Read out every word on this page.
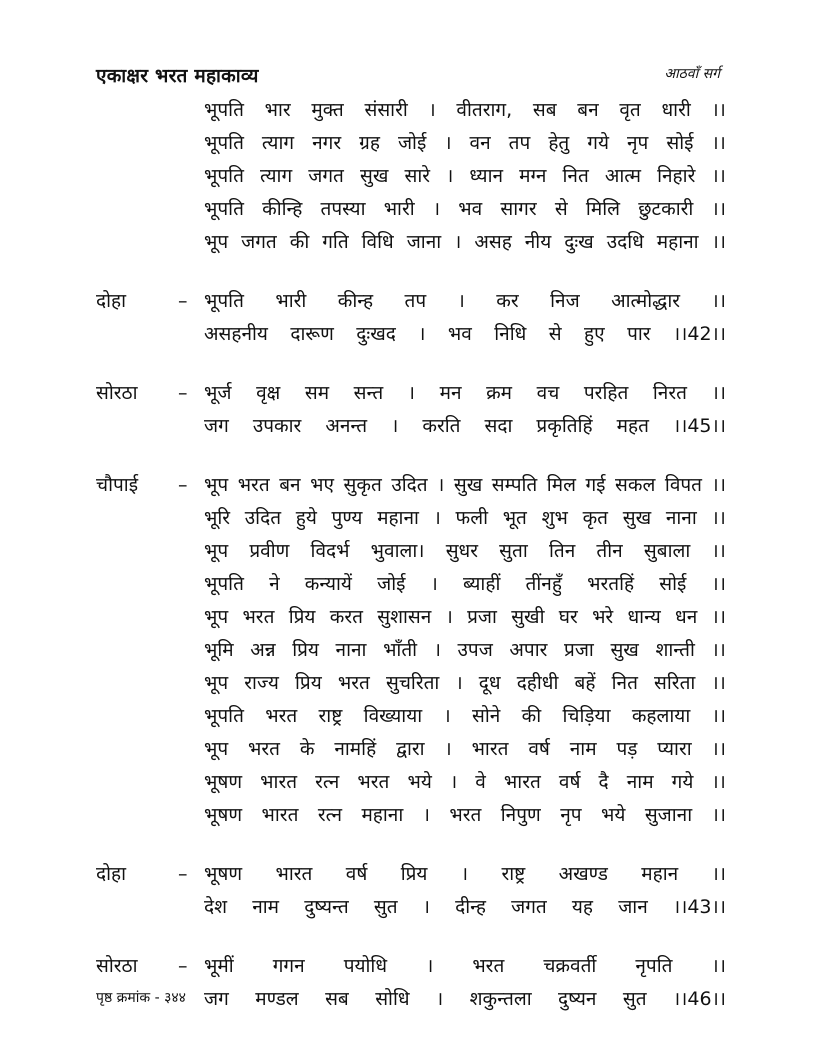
एकाक्षर भरत महाकाव्य	आठवाँ सर्ग
भूपति भार मुक्त संसारी । वीतराग, सब बन वृत धारी ।।
भूपति त्याग नगर ग्रह जोई । वन तप हेतु गये नृप सोई ।।
भूपति त्याग जगत सुख सारे । ध्यान मग्न नित आत्म निहारे ।।
भूपति कीन्हि तपस्या भारी । भव सागर से मिलि छुटकारी ।।
भूप जगत की गति विधि जाना । असह नीय दुःख उदधि महाना ।।
दोहा	– भूपति भारी कीन्ह तप । कर निज आत्मोद्धार ।।
असहनीय दारूण दुःखद । भव निधि से हुए पार ।।42।।
सोरठा	– भूर्ज वृक्ष सम सन्त । मन क्रम वच परहित निरत ।।
जग उपकार अनन्त । करति सदा प्रकृतिहिं महत ।।45।।
चौपाई	– भूप भरत बन भए सुकृत उदित । सुख सम्पति मिल गई सकल विपत ।।
भूरि उदित हुये पुण्य महाना । फली भूत शुभ कृत सुख नाना ।।
भूप प्रवीण विदर्भ भुवाला। सुधर सुता तिन तीन सुबाला ।।
भूपति ने कन्यायें जोई । ब्याहीं तींनहुँ भरतहिं सोई ।।
भूप भरत प्रिय करत सुशासन । प्रजा सुखी घर भरे धान्य धन ।।
भूमि अन्न प्रिय नाना भाँती । उपज अपार प्रजा सुख शान्ती ।।
भूप राज्य प्रिय भरत सुचरिता । दूध दहीधी बहें नित सरिता ।।
भूपति भरत राष्ट्र विख्याया । सोने की चिड़िया कहलाया ।।
भूप भरत के नामहिं द्वारा । भारत वर्ष नाम पड़ प्यारा ।।
भूषण भारत रत्न भरत भये । वे भारत वर्ष दै नाम गये ।।
भूषण भारत रत्न महाना । भरत निपुण नृप भये सुजाना ।।
दोहा	– भूषण भारत वर्ष प्रिय । राष्ट्र अखण्ड महान ।।
देश नाम दुष्यन्त सुत । दीन्ह जगत यह जान ।।43।।
सोरठा	– भूमीं गगन पयोधि । भरत चक्रवर्ती नृपति ।।
जग मण्डल सब सोधि । शकुन्तला दुष्यन सुत ।।46।।
पृष्ठ क्रमांक - ३४४
